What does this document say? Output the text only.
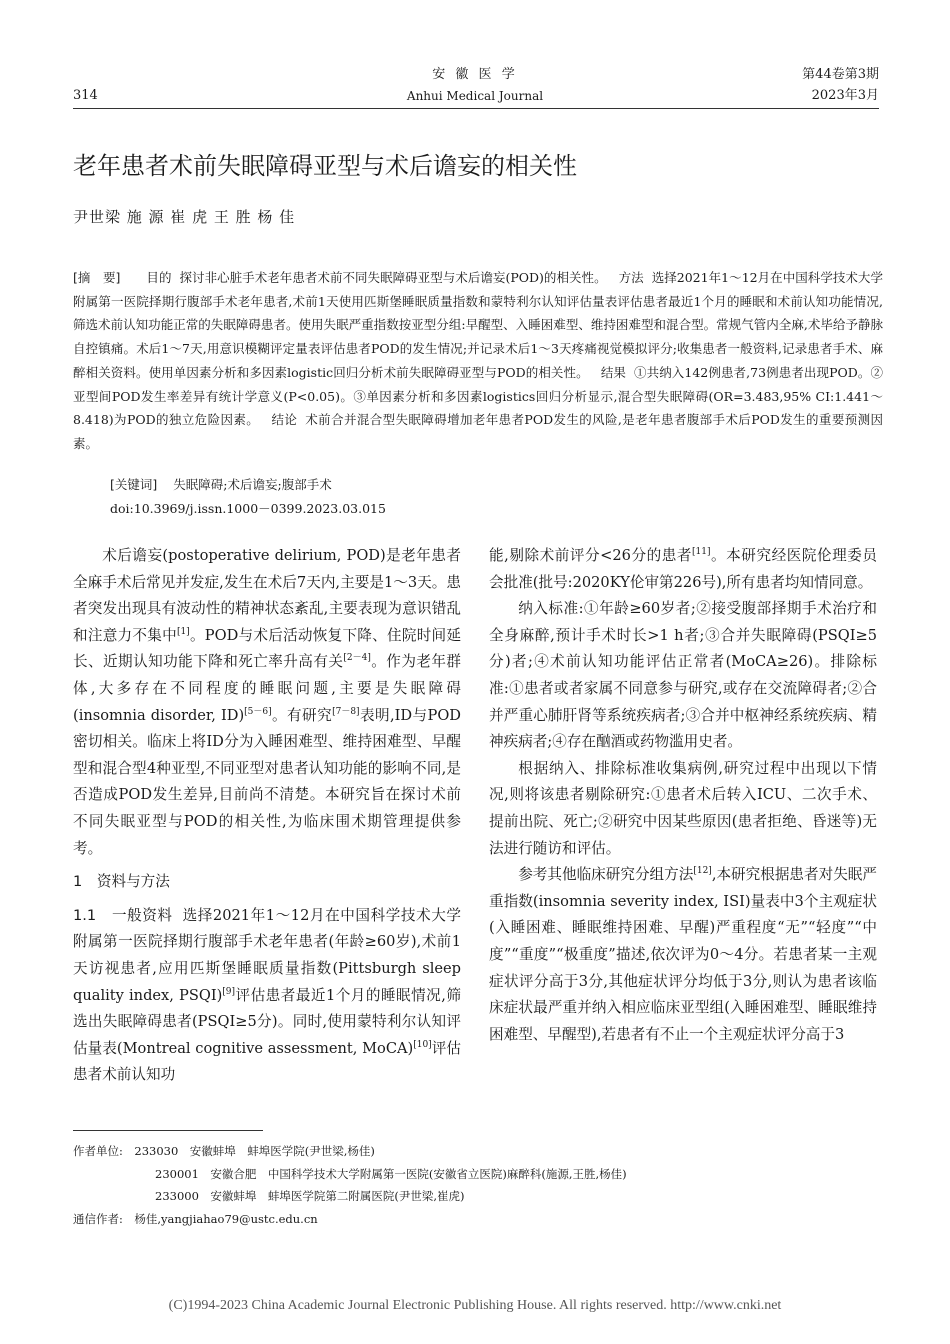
安 徽 医 学
Anhui Medical Journal
314
第44卷第3期
2023年3月
老年患者术前失眠障碍亚型与术后谵妄的相关性
尹世梁 施 源 崔 虎 王 胜 杨 佳
[摘　要] 目的 探讨非心脏手术老年患者术前不同失眠障碍亚型与术后谵妄(POD)的相关性。 方法 选择2021年1～12月在中国科学技术大学附属第一医院择期行腹部手术老年患者,术前1天使用匹斯堡睡眠质量指数和蒙特利尔认知评估量表评估患者最近1个月的睡眠和术前认知功能情况,筛选术前认知功能正常的失眠障碍患者。使用失眠严重指数按亚型分组:早醒型、入睡困难型、维持困难型和混合型。常规气管内全麻,术毕给予静脉自控镇痛。术后1～7天,用意识模糊评定量表评估患者POD的发生情况;并记录术后1～3天疼痛视觉模拟评分;收集患者一般资料,记录患者手术、麻醉相关资料。使用单因素分析和多因素logistic回归分析术前失眠障碍亚型与POD的相关性。 结果 ①共纳入142例患者,73例患者出现POD。②亚型间POD发生率差异有统计学意义(P<0.05)。③单因素分析和多因素logistics回归分析显示,混合型失眠障碍(OR=3.483,95% CI:1.441～8.418)为POD的独立危险因素。 结论 术前合并混合型失眠障碍增加老年患者POD发生的风险,是老年患者腹部手术后POD发生的重要预测因素。
[关键词] 失眠障碍;术后谵妄;腹部手术
doi:10.3969/j.issn.1000－0399.2023.03.015

术后谵妄(postoperative delirium, POD)是老年患者全麻手术后常见并发症,发生在术后7天内,主要是1～3天。患者突发出现具有波动性的精神状态紊乱,主要表现为意识错乱和注意力不集中[1]。POD与术后活动恢复下降、住院时间延长、近期认知功能下降和死亡率升高有关[2－4]。作为老年群体,大多存在不同程度的睡眠问题,主要是失眠障碍(insomnia disorder, ID)[5－6]。有研究[7－8]表明,ID与POD密切相关。临床上将ID分为入睡困难型、维持困难型、早醒型和混合型4种亚型,不同亚型对患者认知功能的影响不同,是否造成POD发生差异,目前尚不清楚。本研究旨在探讨术前不同失眠亚型与POD的相关性,为临床围术期管理提供参考。

1　资料与方法

1.1　一般资料 选择2021年1～12月在中国科学技术大学附属第一医院择期行腹部手术老年患者(年龄≥60岁),术前1天访视患者,应用匹斯堡睡眠质量指数(Pittsburgh sleep quality index, PSQI)[9]评估患者最近1个月的睡眠情况,筛选出失眠障碍患者(PSQI≥5分)。同时,使用蒙特利尔认知评估量表(Montreal cognitive assessment, MoCA)[10]评估患者术前认知功

能,剔除术前评分<26分的患者[11]。本研究经医院伦理委员会批准(批号:2020KY伦审第226号),所有患者均知情同意。

纳入标准:①年龄≥60岁者;②接受腹部择期手术治疗和全身麻醉,预计手术时长>1 h者;③合并失眠障碍(PSQI≥5分)者;④术前认知功能评估正常者(MoCA≥26)。排除标准:①患者或者家属不同意参与研究,或存在交流障碍者;②合并严重心肺肝肾等系统疾病者;③合并中枢神经系统疾病、精神疾病者;④存在酗酒或药物滥用史者。

根据纳入、排除标准收集病例,研究过程中出现以下情况,则将该患者剔除研究:①患者术后转入ICU、二次手术、提前出院、死亡;②研究中因某些原因(患者拒绝、昏迷等)无法进行随访和评估。

参考其他临床研究分组方法[12],本研究根据患者对失眠严重指数(insomnia severity index, ISI)量表中3个主观症状(入睡困难、睡眠维持困难、早醒)严重程度“无”“轻度”“中度”“重度”“极重度”描述,依次评为0～4分。若患者某一主观症状评分高于3分,其他症状评分均低于3分,则认为患者该临床症状最严重并纳入相应临床亚型组(入睡困难型、睡眠维持困难型、早醒型),若患者有不止一个主观症状评分高于3

作者单位:　 233030　安徽蚌埠　蚌埠医学院(尹世梁,杨佳)
230001　安徽合肥　中国科学技术大学附属第一医院(安徽省立医院)麻醉科(施源,王胜,杨佳)
233000　安徽蚌埠　蚌埠医学院第二附属医院(尹世梁,崔虎)
通信作者:　 杨佳,yangjiahao79@ustc.edu.cn
(C)1994-2023 China Academic Journal Electronic Publishing House. All rights reserved. http://www.cnki.net
